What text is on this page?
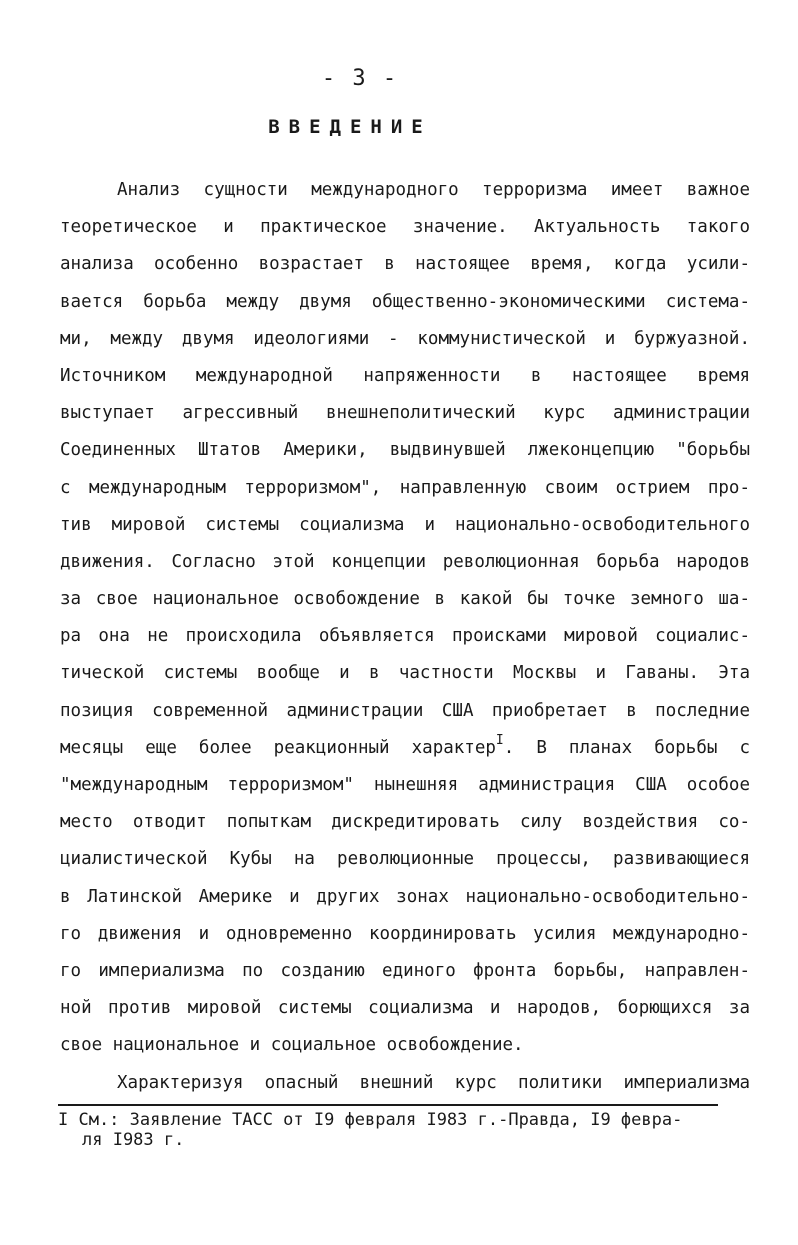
- 3 -
ВВЕДЕНИЕ
Анализ сущности международного терроризма имеет важное
теоретическое и практическое значение. Актуальность такого
анализа особенно возрастает в настоящее время, когда усили-
вается борьба между двумя общественно-экономическими система-
ми, между двумя идеологиями - коммунистической и буржуазной.
Источником международной напряженности в настоящее время
выступает агрессивный внешнеполитический курс администрации
Соединенных Штатов Америки, выдвинувшей лжеконцепцию "борьбы
с международным терроризмом", направленную своим острием про-
тив мировой системы социализма и национально-освободительного
движения. Согласно этой концепции революционная борьба народов
за свое национальное освобождение в какой бы точке земного ша-
ра она не происходила объявляется происками мировой социалис-
тической системы вообще и в частности Москвы и Гаваны. Эта
позиция современной администрации США приобретает в последние
месяцы еще более реакционный характер$^I$. В планах борьбы с
"международным терроризмом" нынешняя администрация США особое
место отводит попыткам дискредитировать силу воздействия со-
циалистической Кубы на революционные процессы, развивающиеся
в Латинской Америке и других зонах национально-освободительно-
го движения и одновременно координировать усилия международно-
го империализма по созданию единого фронта борьбы, направлен-
ной против мировой системы социализма и народов, борющихся за
свое национальное и социальное освобождение.
Характеризуя опасный внешний курс политики империализма
I См.: Заявление ТАСС от I9 февраля I983 г.-Правда, I9 февра-
ля I983 г.
